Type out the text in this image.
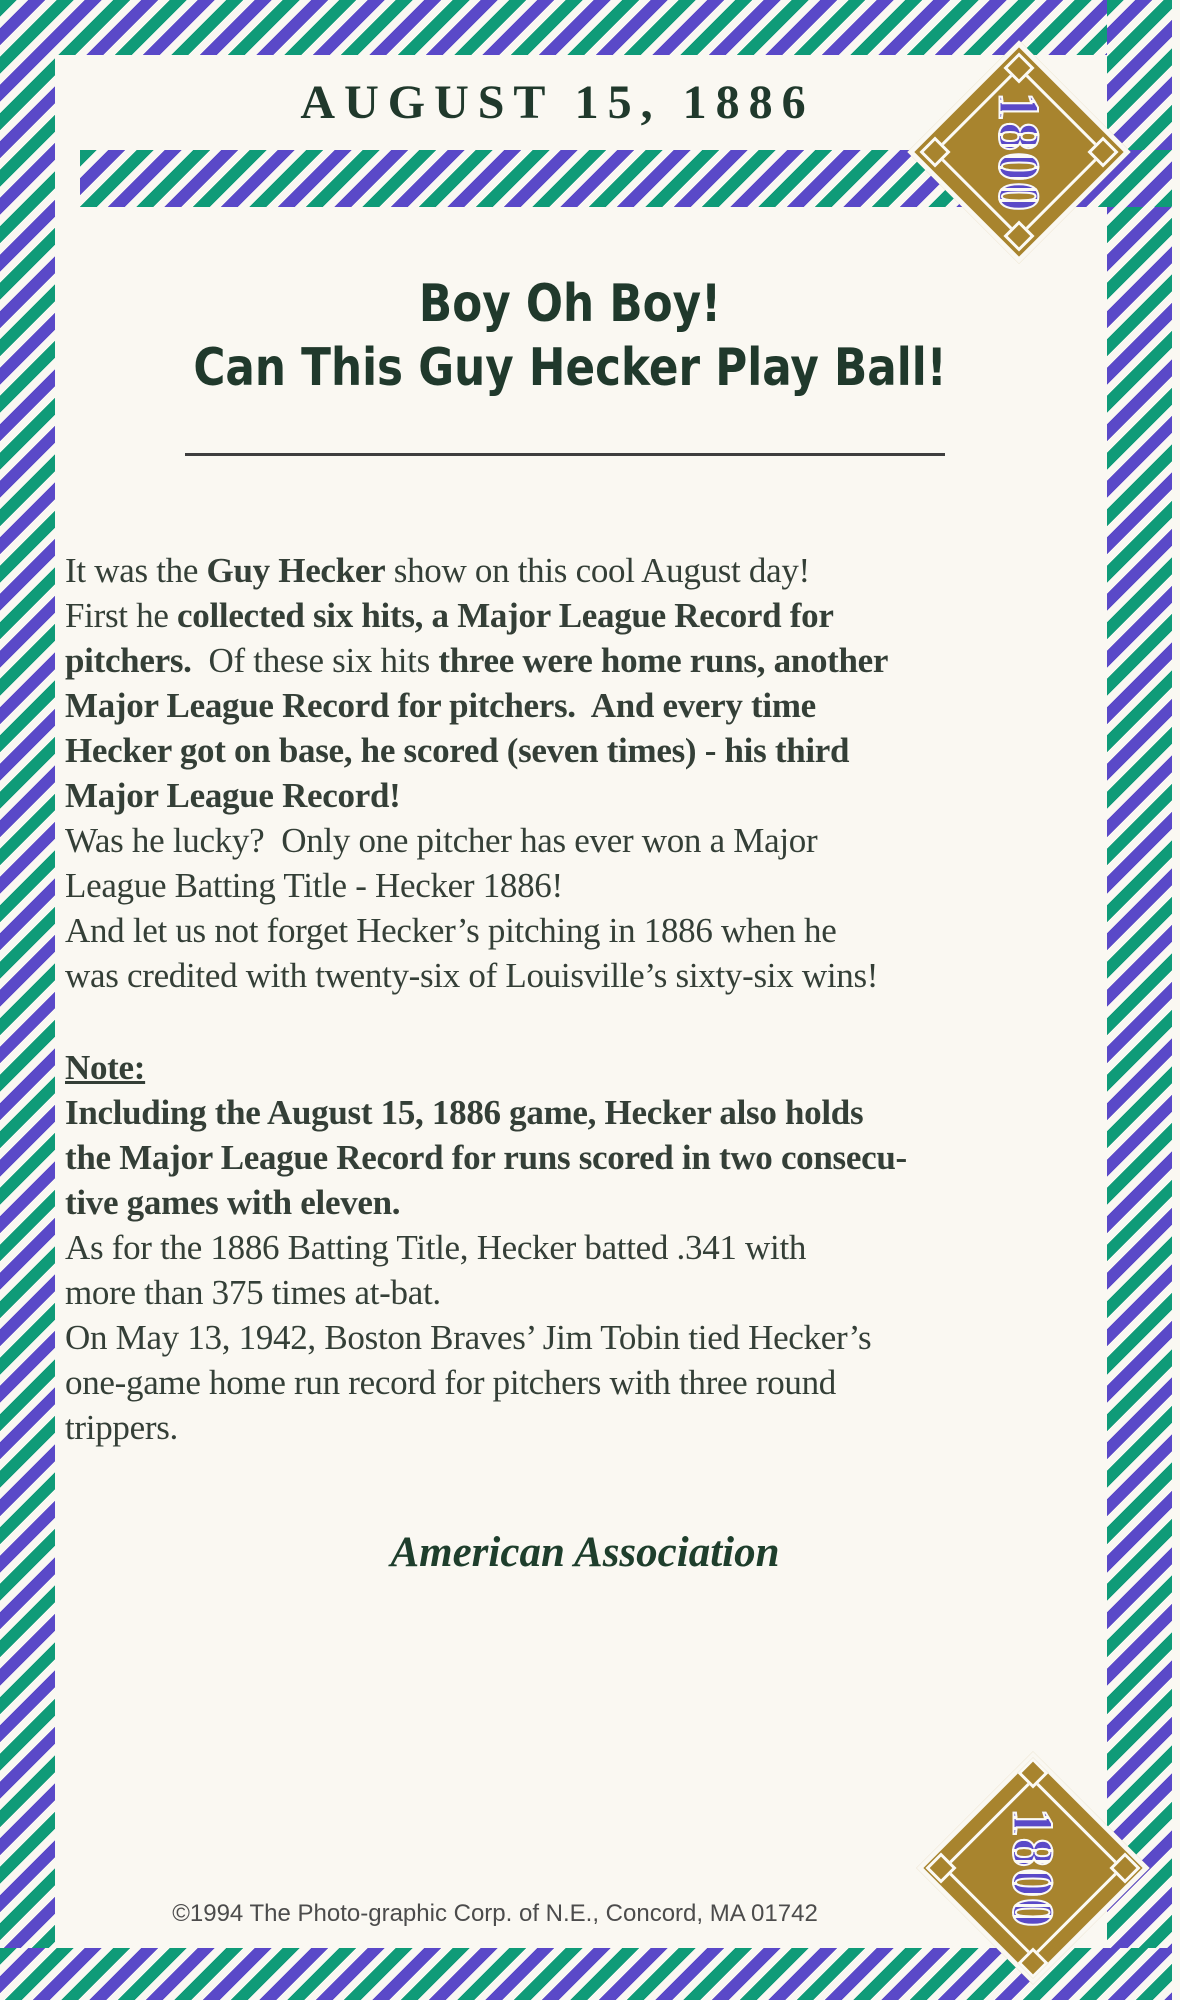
AUGUST 15, 1886	1800
Boy Oh Boy!
Can This Guy Hecker Play Ball!
It was the Guy Hecker show on this cool August day!
First he collected six hits, a Major League Record for
pitchers.  Of these six hits three were home runs, another
Major League Record for pitchers.  And every time
Hecker got on base, he scored (seven times) - his third
Major League Record!
Was he lucky?  Only one pitcher has ever won a Major
League Batting Title - Hecker 1886!
And let us not forget Hecker’s pitching in 1886 when he
was credited with twenty-six of Louisville’s sixty-six wins!
Note:
Including the August 15, 1886 game, Hecker also holds
the Major League Record for runs scored in two consecu-
tive games with eleven.
As for the 1886 Batting Title, Hecker batted .341 with
more than 375 times at-bat.
On May 13, 1942, Boston Braves’ Jim Tobin tied Hecker’s
one-game home run record for pitchers with three round
trippers.
American Association
©1994 The Photo-graphic Corp. of N.E., Concord, MA 01742	1800
